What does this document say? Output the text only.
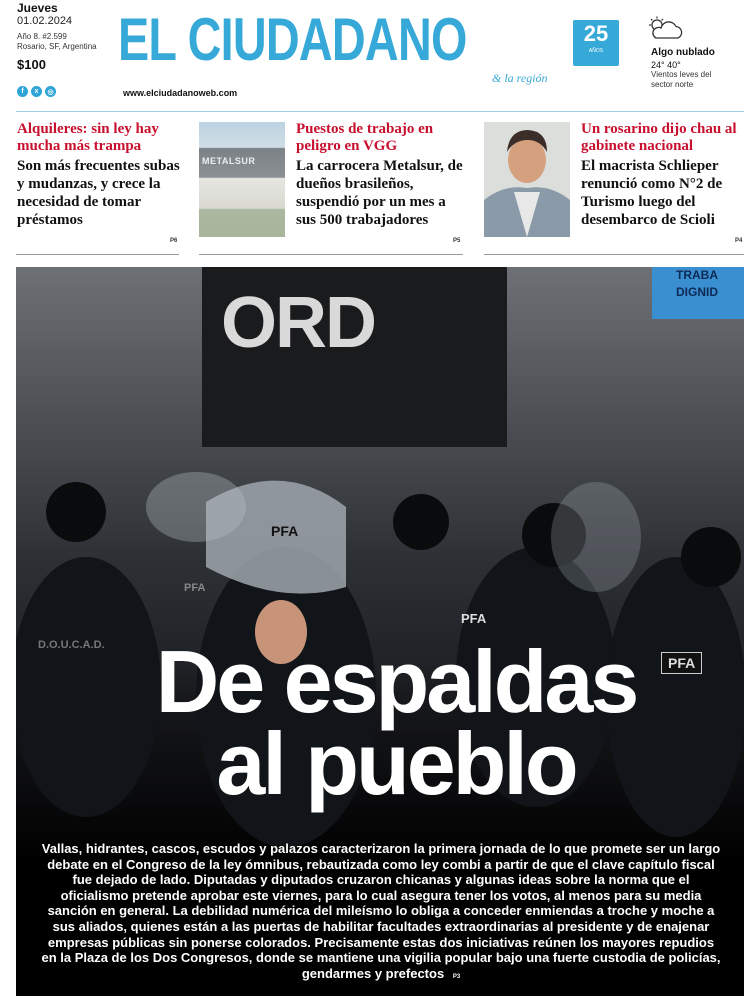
Jueves
01.02.2024
Año 8. #2.599
Rosario, SF, Argentina
$100
f	x	◎
EL CIUDADANO	25
AÑOS
& la región
www.elciudadanoweb.com
Algo nublado
24° 40°
Vientos leves del sector norte
Alquileres: sin ley hay mucha más trampa
Son más frecuentes subas y mudanzas, y crece la necesidad de tomar préstamos
P6
METALSUR
Puestos de trabajo en peligro en VGG
La carrocera Metalsur, de dueños brasileños, suspendió por un mes a sus 500 trabajadores
P5
Un rosarino dijo chau al gabinete nacional
El macrista Schlieper renunció como N°2 de Turismo luego del desembarco de Scioli
P4
ORD
TRABA DIGNID
PFA
PFA
PFA
D.O.U.C.A.D.
PFA
De espaldas
al pueblo
Vallas, hidrantes, cascos, escudos y palazos caracterizaron la primera jornada de lo que promete ser un largo debate en el Congreso de la ley ómnibus, rebautizada como ley combi a partir de que el clave capítulo fiscal fue dejado de lado. Diputadas y diputados cruzaron chicanas y algunas ideas sobre la norma que el oficialismo pretende aprobar este viernes, para lo cual asegura tener los votos, al menos para su media sanción en general. La debilidad numérica del mileísmo lo obliga a conceder enmiendas a troche y moche a sus aliados, quienes están a las puertas de habilitar facultades extraordinarias al presidente y de enajenar empresas públicas sin ponerse colorados. Precisamente estas dos iniciativas reúnen los mayores repudios en la Plaza de los Dos Congresos, donde se mantiene una vigilia popular bajo una fuerte custodia de policías, gendarmes y prefectos P3
